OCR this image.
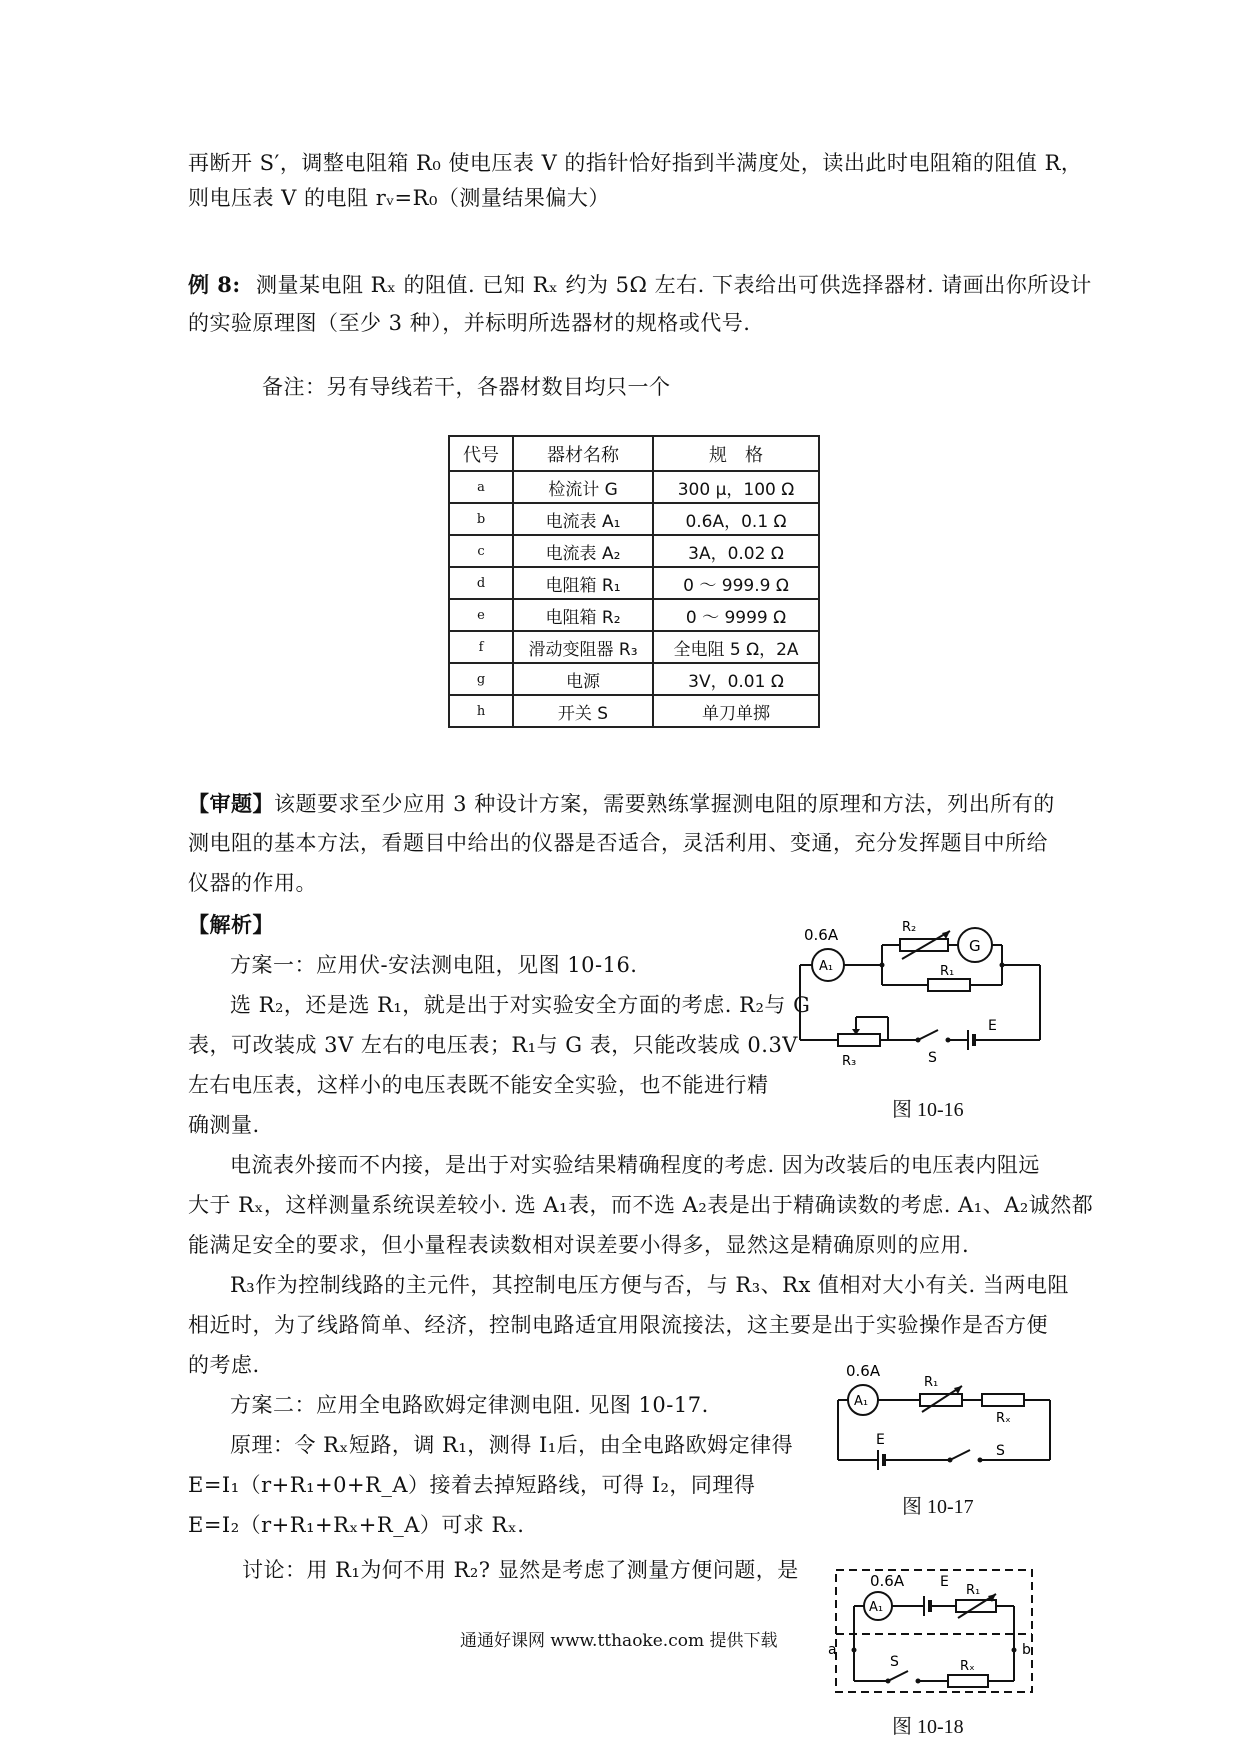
再断开 S′，调整电阻箱 R₀ 使电压表 V 的指针恰好指到半满度处，读出此时电阻箱的阻值 R，
则电压表 V 的电阻 rᵥ=R₀（测量结果偏大）
例 8: 测量某电阻 Rₓ 的阻值. 已知 Rₓ 约为 5Ω 左右. 下表给出可供选择器材. 请画出你所设计
的实验原理图（至少 3 种），并标明所选器材的规格或代号.
备注：另有导线若干，各器材数目均只一个
代号	器材名称	规　格
a	检流计 G	300 μ，100 Ω
b	电流表 A₁	0.6A，0.1 Ω
c	电流表 A₂	3A，0.02 Ω
d	电阻箱 R₁	0 ～ 999.9 Ω
e	电阻箱 R₂	0 ～ 9999 Ω
f	滑动变阻器 R₃	全电阻 5 Ω，2A
g	电源	3V，0.01 Ω
h	开关 S	单刀单掷
【审题】该题要求至少应用 3 种设计方案，需要熟练掌握测电阻的原理和方法，列出所有的
测电阻的基本方法，看题目中给出的仪器是否适合，灵活利用、变通，充分发挥题目中所给
仪器的作用。
【解析】
方案一：应用伏-安法测电阻，见图 10-16.
选 R₂，还是选 R₁，就是出于对实验安全方面的考虑. R₂与 G
表，可改装成 3V 左右的电压表；R₁与 G 表，只能改装成 0.3V
左右电压表，这样小的电压表既不能安全实验，也不能进行精
确测量.
电流表外接而不内接，是出于对实验结果精确程度的考虑. 因为改装后的电压表内阻远
大于 Rₓ，这样测量系统误差较小. 选 A₁表，而不选 A₂表是出于精确读数的考虑. A₁、A₂诚然都
能满足安全的要求，但小量程表读数相对误差要小得多，显然这是精确原则的应用.
R₃作为控制线路的主元件，其控制电压方便与否，与 R₃、Rx 值相对大小有关. 当两电阻
相近时，为了线路简单、经济，控制电路适宜用限流接法，这主要是出于实验操作是否方便
的考虑.
方案二：应用全电路欧姆定律测电阻. 见图 10-17.
原理：令 Rₓ短路，调 R₁，测得 I₁后，由全电路欧姆定律得
E=I₁（r+R₁+0+R_A）接着去掉短路线，可得 I₂，同理得
E=I₂（r+R₁+Rₓ+R_A）可求 Rₓ.
讨论：用 R₁为何不用 R₂? 显然是考虑了测量方便问题，是
0.6A
A₁
R₂
G
R₁
R₃	S
E
图 10-16
0.6A
A₁
R₁
Rₓ
E
S
图 10-17
0.6A
A₁
E
R₁
a	b
S	Rₓ
图 10-18
通通好课网 www.tthaoke.com 提供下载
